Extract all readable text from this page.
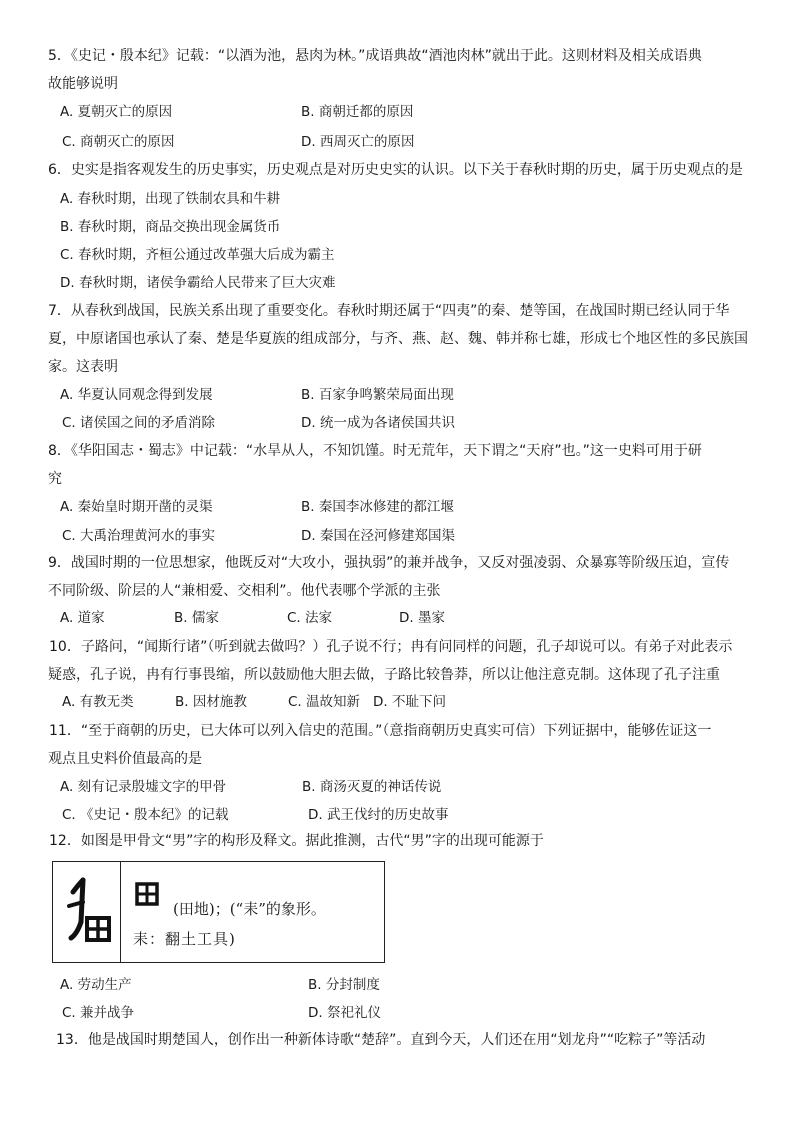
5．《史记・殷本纪》记载：“以酒为池，悬肉为林。”成语典故“酒池肉林”就出于此。这则材料及相关成语典
故能够说明
A. 夏朝灭亡的原因	B. 商朝迁都的原因
C. 商朝灭亡的原因	D. 西周灭亡的原因
6．史实是指客观发生的历史事实，历史观点是对历史史实的认识。以下关于春秋时期的历史，属于历史观点的是
A. 春秋时期，出现了铁制农具和牛耕
B. 春秋时期，商品交换出现金属货币
C. 春秋时期，齐桓公通过改革强大后成为霸主
D. 春秋时期，诸侯争霸给人民带来了巨大灾难
7．从春秋到战国，民族关系出现了重要变化。春秋时期还属于“四夷”的秦、楚等国，在战国时期已经认同于华
夏，中原诸国也承认了秦、楚是华夏族的组成部分，与齐、燕、赵、魏、韩并称七雄，形成七个地区性的多民族国
家。这表明
A. 华夏认同观念得到发展	B. 百家争鸣繁荣局面出现
C. 诸侯国之间的矛盾消除	D. 统一成为各诸侯国共识
8．《华阳国志・蜀志》中记载：“水旱从人，不知饥馑。时无荒年，天下谓之“天府”也。”这一史料可用于研
究
A. 秦始皇时期开凿的灵渠	B. 秦国李冰修建的都江堰
C. 大禹治理黄河水的事实	D. 秦国在泾河修建郑国渠
9．战国时期的一位思想家，他既反对“大攻小，强执弱”的兼并战争，又反对强凌弱、众暴寡等阶级压迫，宣传
不同阶级、阶层的人“兼相爱、交相利”。他代表哪个学派的主张
A. 道家	B. 儒家	C. 法家	D. 墨家
10．子路问，“闻斯行诸”（听到就去做吗？）孔子说不行；冉有问同样的问题，孔子却说可以。有弟子对此表示
疑惑，孔子说，冉有行事畏缩，所以鼓励他大胆去做，子路比较鲁莽，所以让他注意克制。这体现了孔子注重
A. 有教无类	B. 因材施教	C. 温故知新 D. 不耻下问
11．“至于商朝的历史，已大体可以列入信史的范围。”（意指商朝历史真实可信）下列证据中，能够佐证这一
观点且史料价值最高的是
A. 刻有记录殷墟文字的甲骨	B. 商汤灭夏的神话传说
C. 《史记・殷本纪》的记载	D. 武王伐纣的历史故事
12．如图是甲骨文“男”字的构形及释文。据此推测，古代“男”字的出现可能源于
(田地)；(“耒”的象形。
耒：翻土工具)
A. 劳动生产	B. 分封制度
C. 兼并战争	D. 祭祀礼仪
13．他是战国时期楚国人，创作出一种新体诗歌“楚辞”。直到今天，人们还在用“划龙舟”“吃粽子”等活动
